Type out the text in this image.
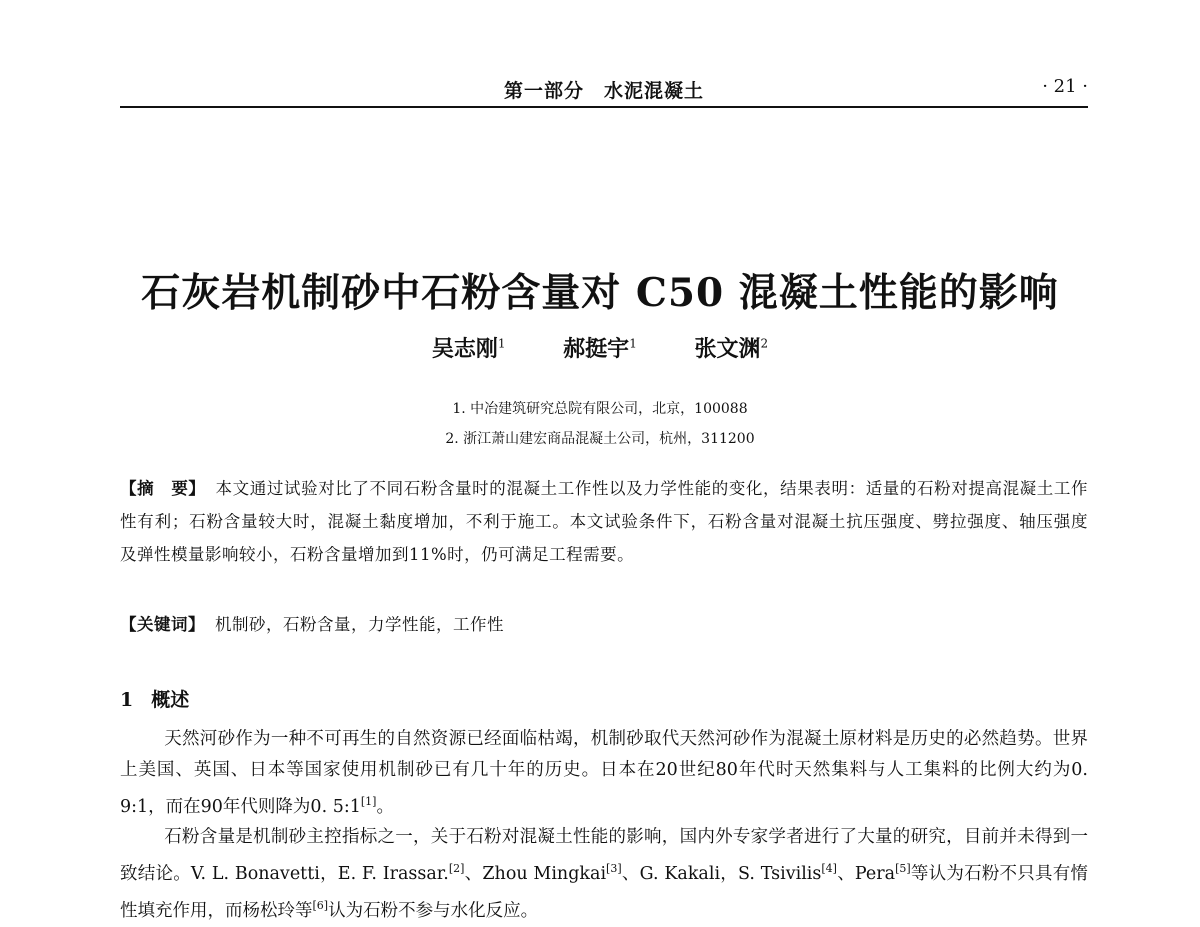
第一部分　水泥混凝土	· 21 ·
石灰岩机制砂中石粉含量对 C50 混凝土性能的影响
吴志刚$^1$	郝挺宇$^1$	张文渊$^2$
1. 中冶建筑研究总院有限公司，北京，100088
2. 浙江萧山建宏商品混凝土公司，杭州，311200
【摘　要】 本文通过试验对比了不同石粉含量时的混凝土工作性以及力学性能的变化，结果表明：适量的石粉对提高混凝土工作性有利；石粉含量较大时，混凝土黏度增加，不利于施工。本文试验条件下，石粉含量对混凝土抗压强度、劈拉强度、轴压强度及弹性模量影响较小，石粉含量增加到11%时，仍可满足工程需要。
【关键词】 机制砂，石粉含量，力学性能，工作性
1 概述
天然河砂作为一种不可再生的自然资源已经面临枯竭，机制砂取代天然河砂作为混凝土原材料是历史的必然趋势。世界上美国、英国、日本等国家使用机制砂已有几十年的历史。日本在20世纪80年代时天然集料与人工集料的比例大约为0. 9:1，而在90年代则降为0. 5:1[1]。
石粉含量是机制砂主控指标之一，关于石粉对混凝土性能的影响，国内外专家学者进行了大量的研究，目前并未得到一致结论。V. L. Bonavetti，E. F. Irassar.[2]、Zhou Mingkai[3]、G. Kakali，S. Tsivilis[4]、Pera[5]等认为石粉不只具有惰性填充作用，而杨松玲等[6]认为石粉不参与水化反应。
